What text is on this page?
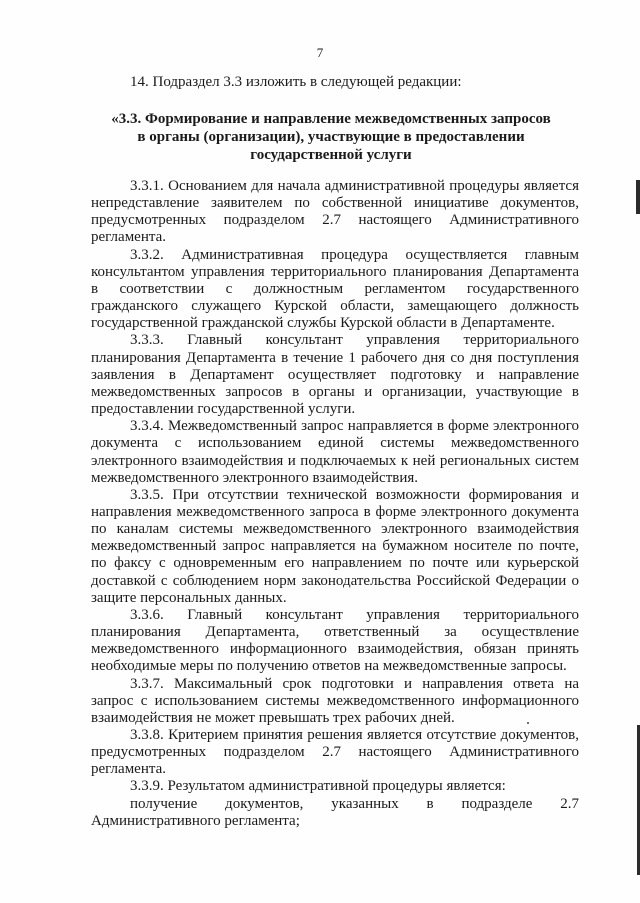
7
14. Подраздел 3.3 изложить в следующей редакции:
«3.3. Формирование и направление межведомственных запросов
в органы (организации), участвующие в предоставлении
государственной услуги

3.3.1. Основанием для начала административной процедуры является непредставление заявителем по собственной инициативе документов, предусмотренных подразделом 2.7 настоящего Административного регламента.

3.3.2. Административная процедура осуществляется главным консультантом управления территориального планирования Департамента в соответствии с должностным регламентом государственного гражданского служащего Курской области, замещающего должность государственной гражданской службы Курской области в Департаменте.

3.3.3. Главный консультант управления территориального планирования Департамента в течение 1 рабочего дня со дня поступления заявления в Департамент осуществляет подготовку и направление межведомственных запросов в органы и организации, участвующие в предоставлении государственной услуги.

3.3.4. Межведомственный запрос направляется в форме электронного документа с использованием единой системы межведомственного электронного взаимодействия и подключаемых к ней региональных систем межведомственного электронного взаимодействия.

3.3.5. При отсутствии технической возможности формирования и направления межведомственного запроса в форме электронного документа по каналам системы межведомственного электронного взаимодействия межведомственный запрос направляется на бумажном носителе по почте, по факсу с одновременным его направлением по почте или курьерской доставкой с соблюдением норм законодательства Российской Федерации о защите персональных данных.

3.3.6. Главный консультант управления территориального планирования Департамента, ответственный за осуществление межведомственного информационного взаимодействия, обязан принять необходимые меры по получению ответов на межведомственные запросы.

3.3.7. Максимальный срок подготовки и направления ответа на запрос с использованием системы межведомственного информационного взаимодействия не может превышать трех рабочих дней.

3.3.8. Критерием принятия решения является отсутствие документов, предусмотренных подразделом 2.7 настоящего Административного регламента.

3.3.9. Результатом административной процедуры является:

получение документов, указанных в подразделе 2.7 Административного регламента;
